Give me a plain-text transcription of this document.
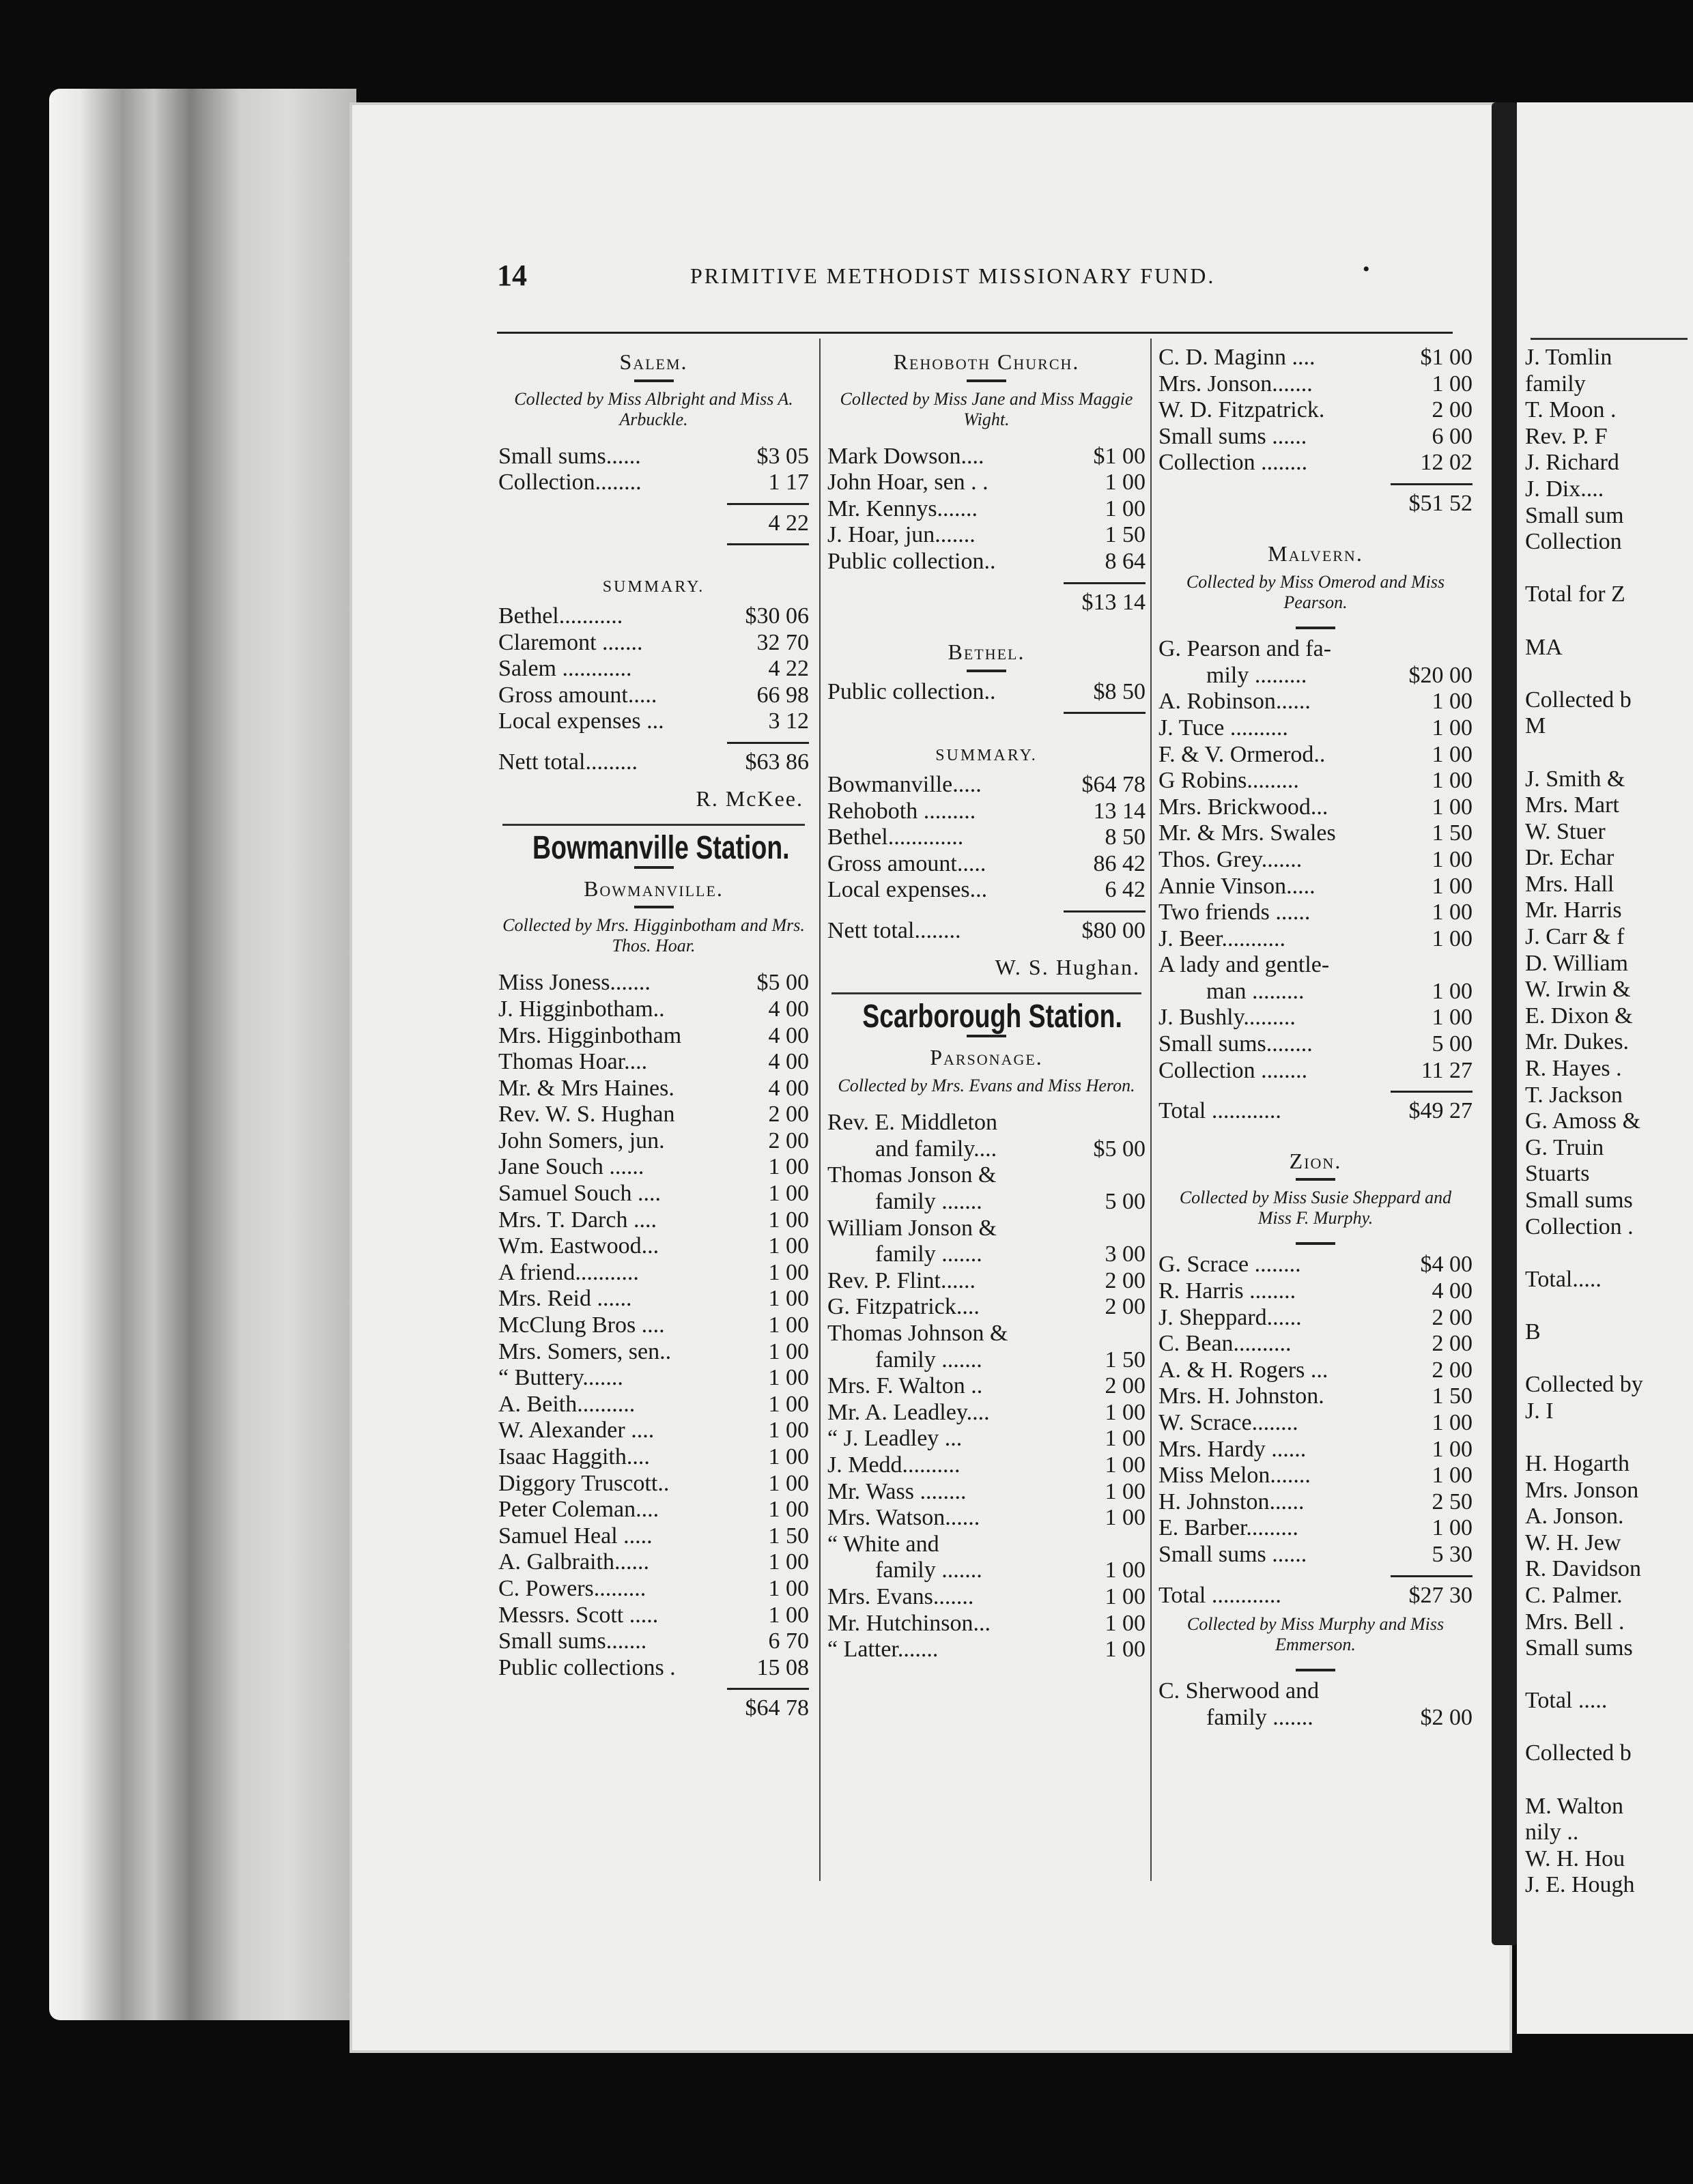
14	PRIMITIVE METHODIST MISSIONARY FUND.	•
Salem.
Collected by Miss Albright and Miss A. Arbuckle.
Small sums......	$3 05
Collection........	1 17
4 22
SUMMARY.
Bethel...........	$30 06
Claremont .......	32 70
Salem ............	4 22
Gross amount.....	66 98
Local expenses ...	3 12
Nett total.........	$63 86
R. McKee.
Bowmanville Station.
Bowmanville.
Collected by Mrs. Higginbotham and Mrs. Thos. Hoar.
Miss Joness.......	$5 00
J. Higginbotham..	4 00
Mrs. Higginbotham	4 00
Thomas Hoar....	4 00
Mr. & Mrs Haines.	4 00
Rev. W. S. Hughan	2 00
John Somers, jun.	2 00
Jane Souch ......	1 00
Samuel Souch ....	1 00
Mrs. T. Darch ....	1 00
Wm. Eastwood...	1 00
A friend...........	1 00
Mrs. Reid ......	1 00
McClung Bros ....	1 00
Mrs. Somers, sen..	1 00
“ Buttery.......	1 00
A. Beith..........	1 00
W. Alexander ....	1 00
Isaac Haggith....	1 00
Diggory Truscott..	1 00
Peter Coleman....	1 00
Samuel Heal .....	1 50
A. Galbraith......	1 00
C. Powers.........	1 00
Messrs. Scott .....	1 00
Small sums.......	6 70
Public collections .	15 08
$64 78
Rehoboth Church.
Collected by Miss Jane and Miss Maggie Wight.
Mark Dowson....	$1 00
John Hoar, sen . .	1 00
Mr. Kennys.......	1 00
J. Hoar, jun.......	1 50
Public collection..	8 64
$13 14
Bethel.
Public collection..	$8 50
SUMMARY.
Bowmanville.....	$64 78
Rehoboth .........	13 14
Bethel.............	8 50
Gross amount.....	86 42
Local expenses...	6 42
Nett total........	$80 00
W. S. Hughan.
Scarborough Station.
Parsonage.
Collected by Mrs. Evans and Miss Heron.
Rev. E. Middleton
and family....	$5 00
Thomas Jonson &
family .......	5 00
William Jonson &
family .......	3 00
Rev. P. Flint......	2 00
G. Fitzpatrick....	2 00
Thomas Johnson &
family .......	1 50
Mrs. F. Walton ..	2 00
Mr. A. Leadley....	1 00
“ J. Leadley ...	1 00
J. Medd..........	1 00
Mr. Wass ........	1 00
Mrs. Watson......	1 00
“ White and
family .......	1 00
Mrs. Evans.......	1 00
Mr. Hutchinson...	1 00
“ Latter.......	1 00
C. D. Maginn ....	$1 00
Mrs. Jonson.......	1 00
W. D. Fitzpatrick.	2 00
Small sums ......	6 00
Collection ........	12 02
$51 52
Malvern.
Collected by Miss Omerod and Miss Pearson.
G. Pearson and fa-
mily .........	$20 00
A. Robinson......	1 00
J. Tuce ..........	1 00
F. & V. Ormerod..	1 00
G Robins.........	1 00
Mrs. Brickwood...	1 00
Mr. & Mrs. Swales	1 50
Thos. Grey.......	1 00
Annie Vinson.....	1 00
Two friends ......	1 00
J. Beer...........	1 00
A lady and gentle-
man .........	1 00
J. Bushly.........	1 00
Small sums........	5 00
Collection ........	11 27
Total ............	$49 27
Zion.
Collected by Miss Susie Sheppard and Miss F. Murphy.
G. Scrace ........	$4 00
R. Harris ........	4 00
J. Sheppard......	2 00
C. Bean..........	2 00
A. & H. Rogers ...	2 00
Mrs. H. Johnston.	1 50
W. Scrace........	1 00
Mrs. Hardy ......	1 00
Miss Melon.......	1 00
H. Johnston......	2 50
E. Barber.........	1 00
Small sums ......	5 30
Total ............	$27 30
Collected by Miss Murphy and Miss Emmerson.
C. Sherwood and
family .......	$2 00
J. Tomlin
family
T. Moon .
Rev. P. F
J. Richard
J. Dix....
Small sum
Collection
Total for Z
MA
Collected b
M
J. Smith &
Mrs. Mart
W. Stuer
Dr. Echar
Mrs. Hall
Mr. Harris
J. Carr & f
D. William
W. Irwin &
E. Dixon &
Mr. Dukes.
R. Hayes .
T. Jackson
G. Amoss &
G. Truin
Stuarts
Small sums
Collection .
Total.....
B
Collected by
J. I
H. Hogarth
Mrs. Jonson
A. Jonson.
W. H. Jew
R. Davidson
C. Palmer.
Mrs. Bell .
Small sums
Total .....
Collected b
M. Walton
nily ..
W. H. Hou
J. E. Hough
